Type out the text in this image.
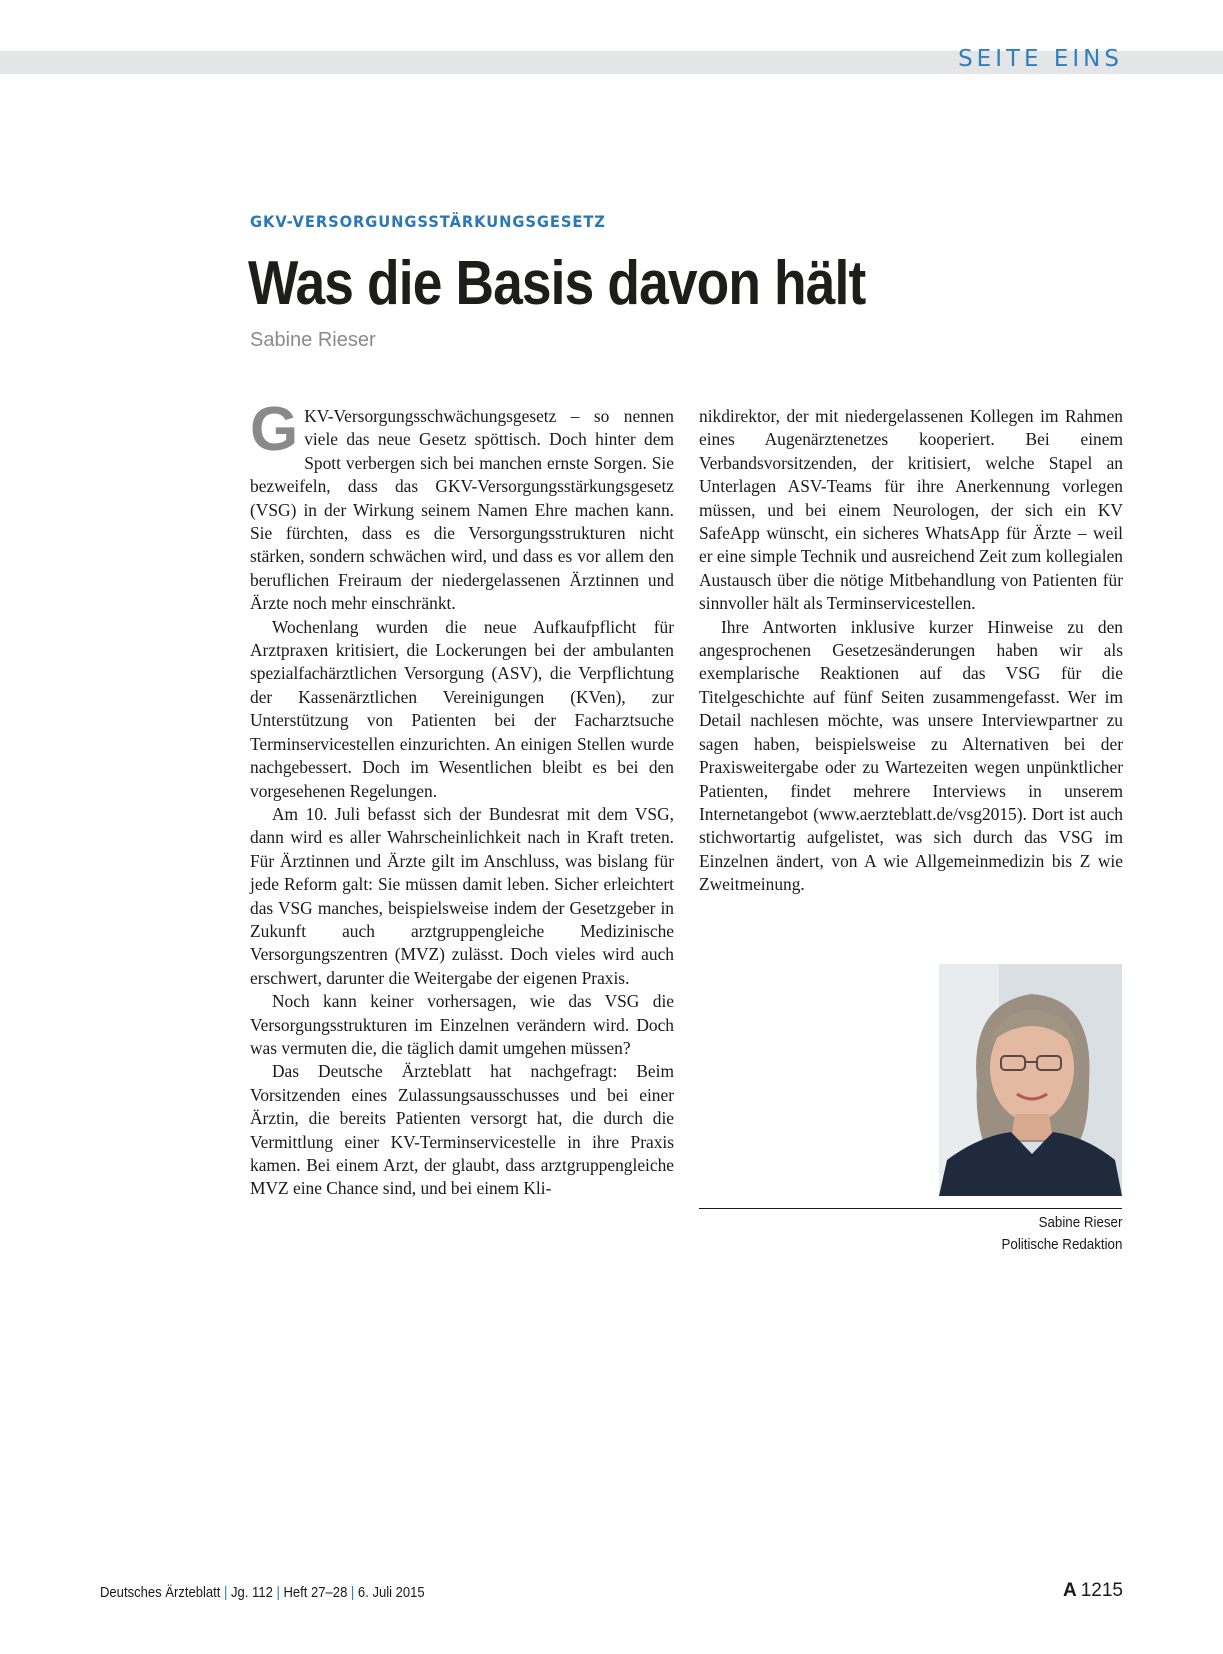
SEITE EINS
GKV-VERSORGUNGSSTÄRKUNGSGESETZ
Was die Basis davon hält
Sabine Rieser

GKV-Versorgungsschwächungsgesetz – so nennen viele das neue Gesetz spöttisch. Doch hinter dem Spott verbergen sich bei manchen ernste Sorgen. Sie bezweifeln, dass das GKV-Versorgungsstärkungsgesetz (VSG) in der Wirkung seinem Namen Ehre machen kann. Sie fürchten, dass es die Versorgungsstrukturen nicht stärken, sondern schwächen wird, und dass es vor allem den beruflichen Freiraum der niedergelassenen Ärztinnen und Ärzte noch mehr einschränkt.

Wochenlang wurden die neue Aufkaufpflicht für Arztpraxen kritisiert, die Lockerungen bei der ambulanten spezialfachärztlichen Versorgung (ASV), die Verpflichtung der Kassenärztlichen Vereinigungen (KVen), zur Unterstützung von Patienten bei der Facharztsuche Terminservicestellen einzurichten. An einigen Stellen wurde nachgebessert. Doch im Wesentlichen bleibt es bei den vorgesehenen Regelungen.

Am 10. Juli befasst sich der Bundesrat mit dem VSG, dann wird es aller Wahrscheinlichkeit nach in Kraft treten. Für Ärztinnen und Ärzte gilt im Anschluss, was bislang für jede Reform galt: Sie müssen damit leben. Sicher erleichtert das VSG manches, beispielsweise indem der Gesetzgeber in Zukunft auch arztgruppengleiche Medizinische Versorgungszentren (MVZ) zulässt. Doch vieles wird auch erschwert, darunter die Weitergabe der eigenen Praxis.

Noch kann keiner vorhersagen, wie das VSG die Versorgungsstrukturen im Einzelnen verändern wird. Doch was vermuten die, die täglich damit umgehen müssen?

Das Deutsche Ärzteblatt hat nachgefragt: Beim Vorsitzenden eines Zulassungsausschusses und bei einer Ärztin, die bereits Patienten versorgt hat, die durch die Vermittlung einer KV-Terminservicestelle in ihre Praxis kamen. Bei einem Arzt, der glaubt, dass arztgruppengleiche MVZ eine Chance sind, und bei einem Kli-

nikdirektor, der mit niedergelassenen Kollegen im Rahmen eines Augenärztenetzes kooperiert. Bei einem Verbandsvorsitzenden, der kritisiert, welche Stapel an Unterlagen ASV-Teams für ihre Anerkennung vorlegen müssen, und bei einem Neurologen, der sich ein KV SafeApp wünscht, ein sicheres WhatsApp für Ärzte – weil er eine simple Technik und ausreichend Zeit zum kollegialen Austausch über die nötige Mitbehandlung von Patienten für sinnvoller hält als Terminservicestellen.

Ihre Antworten inklusive kurzer Hinweise zu den angesprochenen Gesetzesänderungen haben wir als exemplarische Reaktionen auf das VSG für die Titelgeschichte auf fünf Seiten zusammengefasst. Wer im Detail nachlesen möchte, was unsere Interviewpartner zu sagen haben, beispielsweise zu Alternativen bei der Praxisweitergabe oder zu Wartezeiten wegen unpünktlicher Patienten, findet mehrere Interviews in unserem Internetangebot (www.aerzteblatt.de/vsg2015). Dort ist auch stichwortartig aufgelistet, was sich durch das VSG im Einzelnen ändert, von A wie Allgemeinmedizin bis Z wie Zweitmeinung.

Sabine Rieser
Politische Redaktion
Deutsches Ärzteblatt | Jg. 112 | Heft 27–28 | 6. Juli 2015	A 1215
